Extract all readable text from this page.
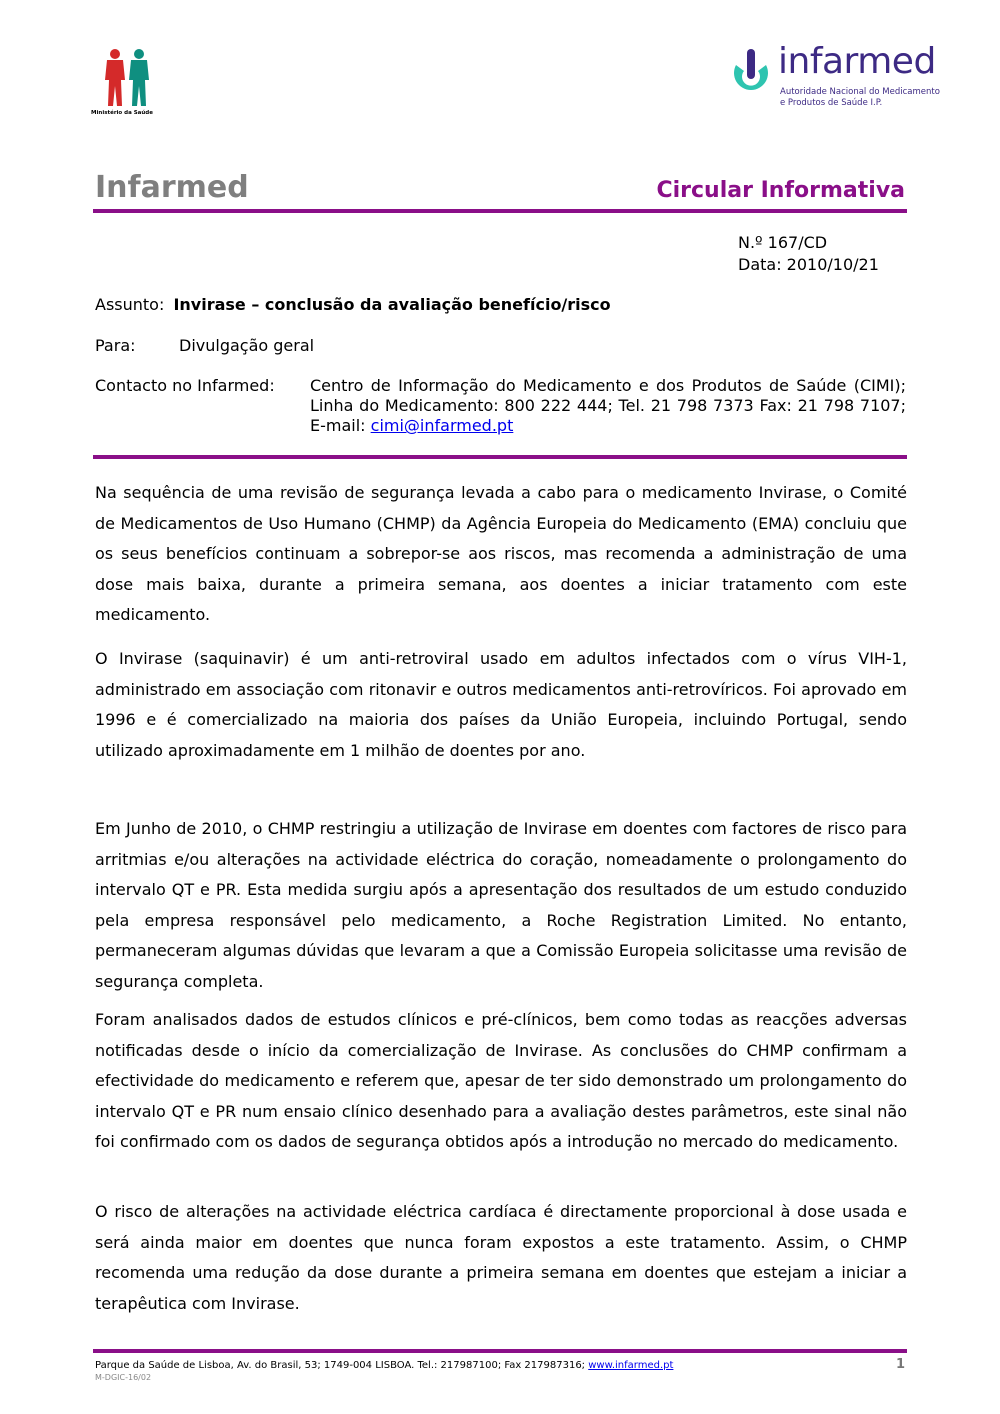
Ministério da Saúde
infarmed
Autoridade Nacional do Medicamento
e Produtos de Saúde I.P.
Infarmed	Circular Informativa
N.º 167/CD
Data: 2010/10/21
Assunto: Invirase – conclusão da avaliação benefício/risco
Para:	Divulgação geral
Contacto no Infarmed: Centro de Informação do Medicamento e dos Produtos de Saúde (CIMI); Linha do Medicamento: 800 222 444; Tel. 21 798 7373 Fax: 21 798 7107; E-mail: cimi@infarmed.pt

Na sequência de uma revisão de segurança levada a cabo para o medicamento Invirase, o Comité de Medicamentos de Uso Humano (CHMP) da Agência Europeia do Medicamento (EMA) concluiu que os seus benefícios continuam a sobrepor-se aos riscos, mas recomenda a administração de uma dose mais baixa, durante a primeira semana, aos doentes a iniciar tratamento com este medicamento.

O Invirase (saquinavir) é um anti-retroviral usado em adultos infectados com o vírus VIH-1, administrado em associação com ritonavir e outros medicamentos anti-retrovíricos. Foi aprovado em 1996 e é comercializado na maioria dos países da União Europeia, incluindo Portugal, sendo utilizado aproximadamente em 1 milhão de doentes por ano.

Em Junho de 2010, o CHMP restringiu a utilização de Invirase em doentes com factores de risco para arritmias e/ou alterações na actividade eléctrica do coração, nomeadamente o prolongamento do intervalo QT e PR. Esta medida surgiu após a apresentação dos resultados de um estudo conduzido pela empresa responsável pelo medicamento, a Roche Registration Limited. No entanto, permaneceram algumas dúvidas que levaram a que a Comissão Europeia solicitasse uma revisão de segurança completa.

Foram analisados dados de estudos clínicos e pré-clínicos, bem como todas as reacções adversas notificadas desde o início da comercialização de Invirase. As conclusões do CHMP confirmam a efectividade do medicamento e referem que, apesar de ter sido demonstrado um prolongamento do intervalo QT e PR num ensaio clínico desenhado para a avaliação destes parâmetros, este sinal não foi confirmado com os dados de segurança obtidos após a introdução no mercado do medicamento.

O risco de alterações na actividade eléctrica cardíaca é directamente proporcional à dose usada e será ainda maior em doentes que nunca foram expostos a este tratamento. Assim, o CHMP recomenda uma redução da dose durante a primeira semana em doentes que estejam a iniciar a terapêutica com Invirase.

Parque da Saúde de Lisboa, Av. do Brasil, 53; 1749-004 LISBOA. Tel.: 217987100; Fax 217987316; www.infarmed.pt
M-DGIC-16/02
1
